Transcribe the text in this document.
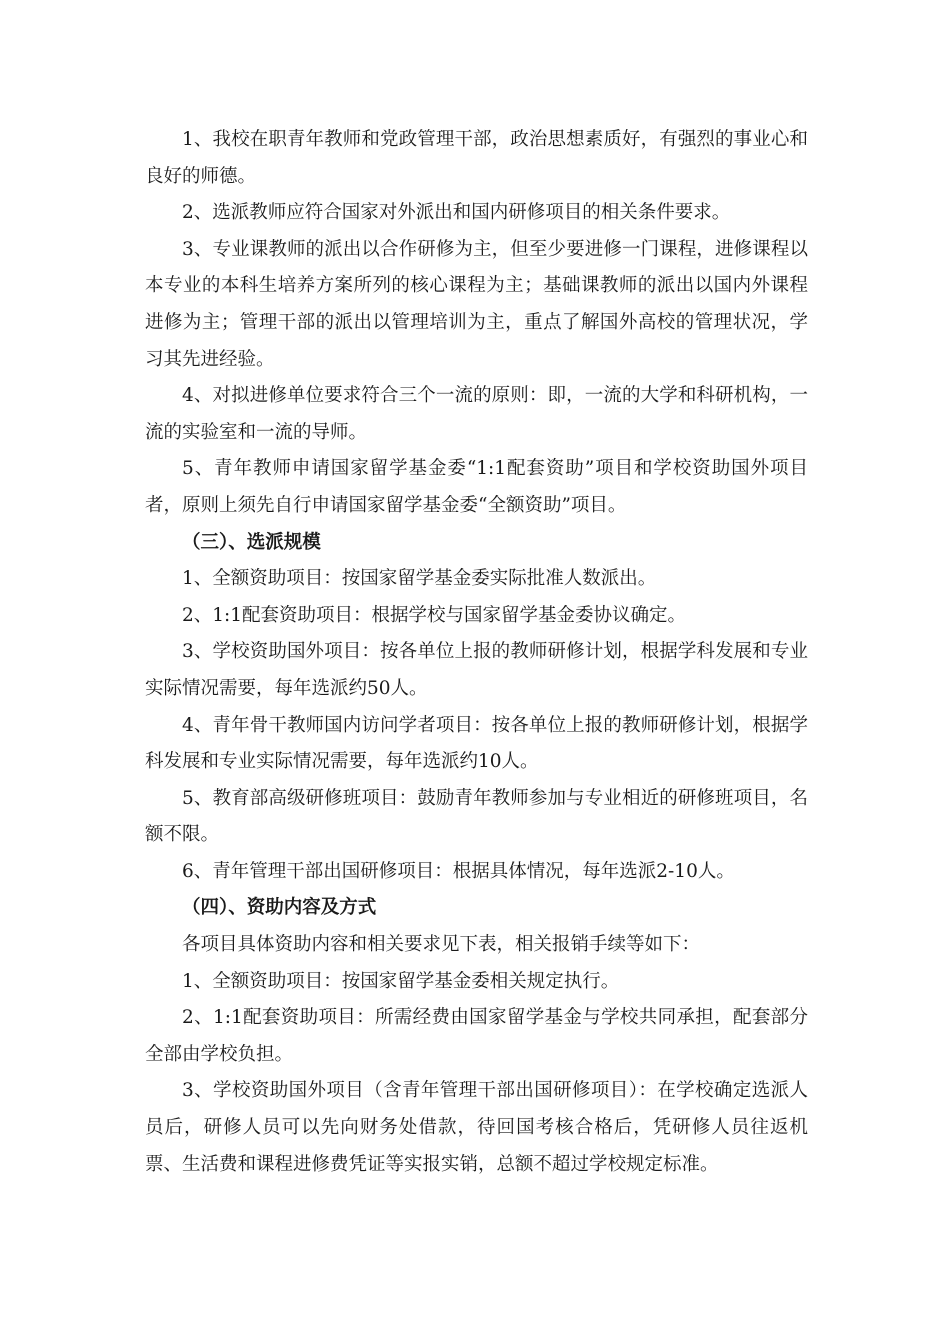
1、我校在职青年教师和党政管理干部，政治思想素质好，有强烈的事业心和良好的师德。

2、选派教师应符合国家对外派出和国内研修项目的相关条件要求。

3、专业课教师的派出以合作研修为主，但至少要进修一门课程，进修课程以本专业的本科生培养方案所列的核心课程为主；基础课教师的派出以国内外课程进修为主；管理干部的派出以管理培训为主，重点了解国外高校的管理状况，学习其先进经验。

4、对拟进修单位要求符合三个一流的原则：即，一流的大学和科研机构，一流的实验室和一流的导师。

5、青年教师申请国家留学基金委“1:1配套资助”项目和学校资助国外项目者，原则上须先自行申请国家留学基金委“全额资助”项目。

（三）、选派规模

1、全额资助项目：按国家留学基金委实际批准人数派出。

2、1:1配套资助项目：根据学校与国家留学基金委协议确定。

3、学校资助国外项目：按各单位上报的教师研修计划，根据学科发展和专业实际情况需要，每年选派约50人。

4、青年骨干教师国内访问学者项目：按各单位上报的教师研修计划，根据学科发展和专业实际情况需要，每年选派约10人。

5、教育部高级研修班项目：鼓励青年教师参加与专业相近的研修班项目，名额不限。

6、青年管理干部出国研修项目：根据具体情况，每年选派2-10人。

（四）、资助内容及方式

各项目具体资助内容和相关要求见下表，相关报销手续等如下：

1、全额资助项目：按国家留学基金委相关规定执行。

2、1:1配套资助项目：所需经费由国家留学基金与学校共同承担，配套部分全部由学校负担。

3、学校资助国外项目（含青年管理干部出国研修项目）：在学校确定选派人员后，研修人员可以先向财务处借款，待回国考核合格后，凭研修人员往返机票、生活费和课程进修费凭证等实报实销，总额不超过学校规定标准。
